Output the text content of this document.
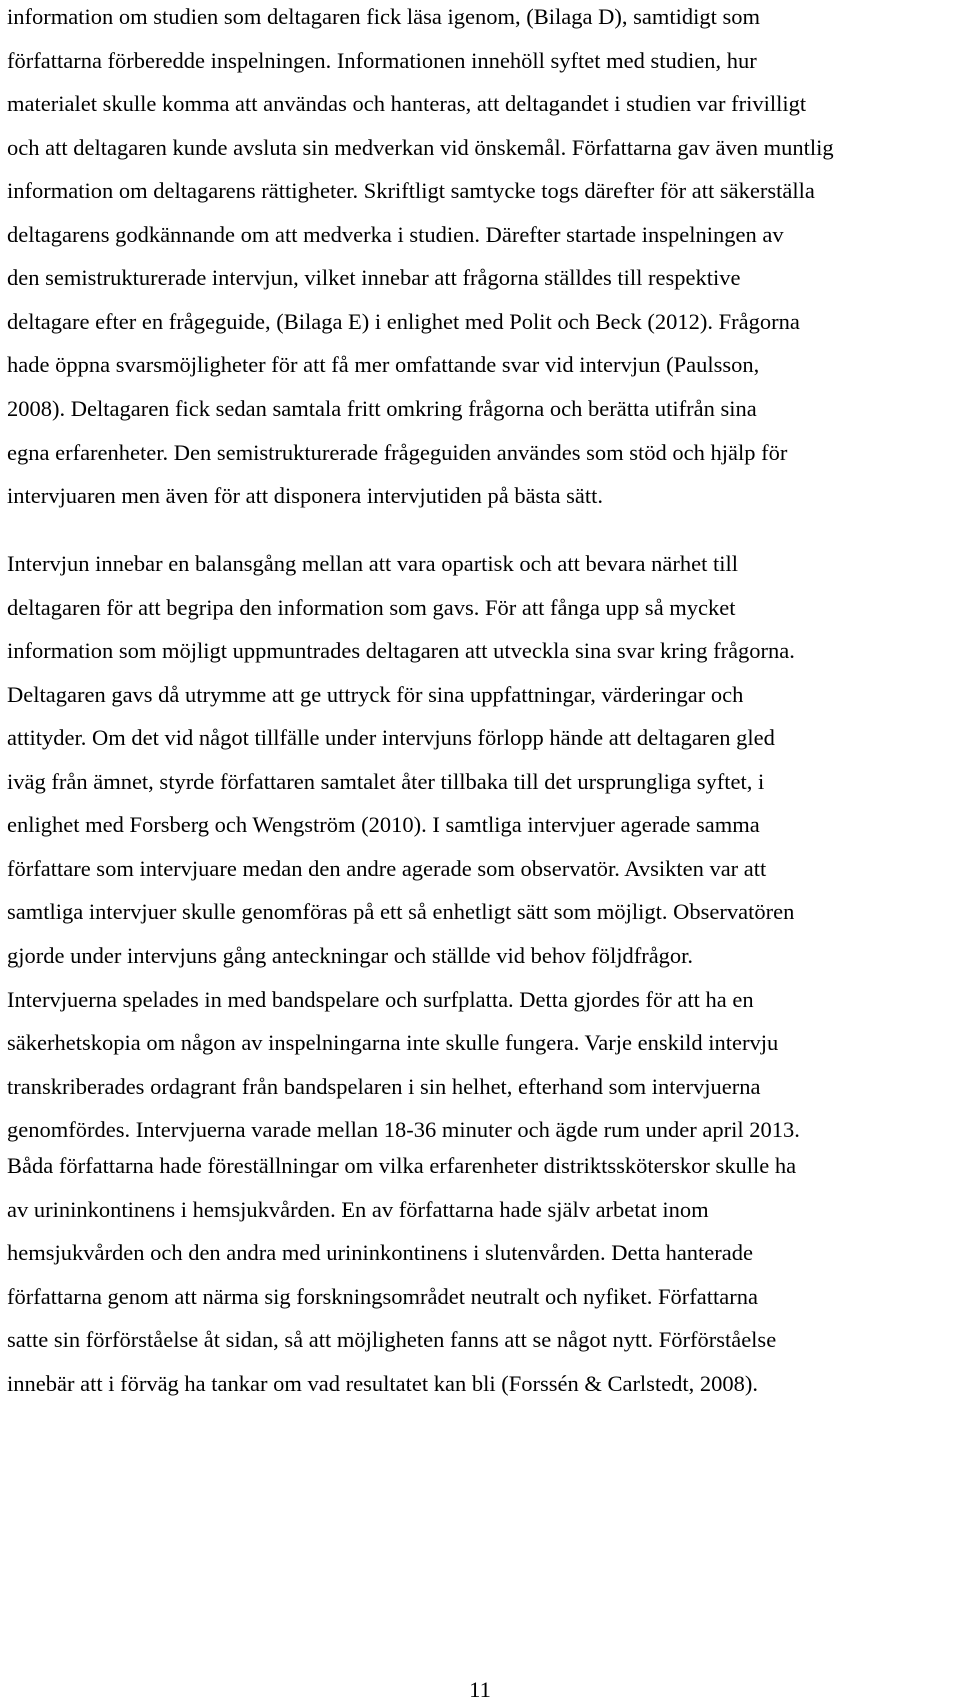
information om studien som deltagaren fick läsa igenom, (Bilaga D), samtidigt som
författarna förberedde inspelningen. Informationen innehöll syftet med studien, hur
materialet skulle komma att användas och hanteras, att deltagandet i studien var frivilligt
och att deltagaren kunde avsluta sin medverkan vid önskemål. Författarna gav även muntlig
information om deltagarens rättigheter. Skriftligt samtycke togs därefter för att säkerställa
deltagarens godkännande om att medverka i studien. Därefter startade inspelningen av
den semistrukturerade intervjun, vilket innebar att frågorna ställdes till respektive
deltagare efter en frågeguide, (Bilaga E) i enlighet med Polit och Beck (2012). Frågorna
hade öppna svarsmöjligheter för att få mer omfattande svar vid intervjun (Paulsson,
2008). Deltagaren fick sedan samtala fritt omkring frågorna och berätta utifrån sina
egna erfarenheter. Den semistrukturerade frågeguiden användes som stöd och hjälp för
intervjuaren men även för att disponera intervjutiden på bästa sätt.
Intervjun innebar en balansgång mellan att vara opartisk och att bevara närhet till
deltagaren för att begripa den information som gavs. För att fånga upp så mycket
information som möjligt uppmuntrades deltagaren att utveckla sina svar kring frågorna.
Deltagaren gavs då utrymme att ge uttryck för sina uppfattningar, värderingar och
attityder. Om det vid något tillfälle under intervjuns förlopp hände att deltagaren gled
iväg från ämnet, styrde författaren samtalet åter tillbaka till det ursprungliga syftet, i
enlighet med Forsberg och Wengström (2010). I samtliga intervjuer agerade samma
författare som intervjuare medan den andre agerade som observatör. Avsikten var att
samtliga intervjuer skulle genomföras på ett så enhetligt sätt som möjligt. Observatören
gjorde under intervjuns gång anteckningar och ställde vid behov följdfrågor.
Intervjuerna spelades in med bandspelare och surfplatta. Detta gjordes för att ha en
säkerhetskopia om någon av inspelningarna inte skulle fungera. Varje enskild intervju
transkriberades ordagrant från bandspelaren i sin helhet, efterhand som intervjuerna
genomfördes. Intervjuerna varade mellan 18-36 minuter och ägde rum under april 2013.
Båda författarna hade föreställningar om vilka erfarenheter distriktssköterskor skulle ha
av urininkontinens i hemsjukvården. En av författarna hade själv arbetat inom
hemsjukvården och den andra med urininkontinens i slutenvården. Detta hanterade
författarna genom att närma sig forskningsområdet neutralt och nyfiket. Författarna
satte sin förförståelse åt sidan, så att möjligheten fanns att se något nytt. Förförståelse
innebär att i förväg ha tankar om vad resultatet kan bli (Forssén & Carlstedt, 2008).
11
